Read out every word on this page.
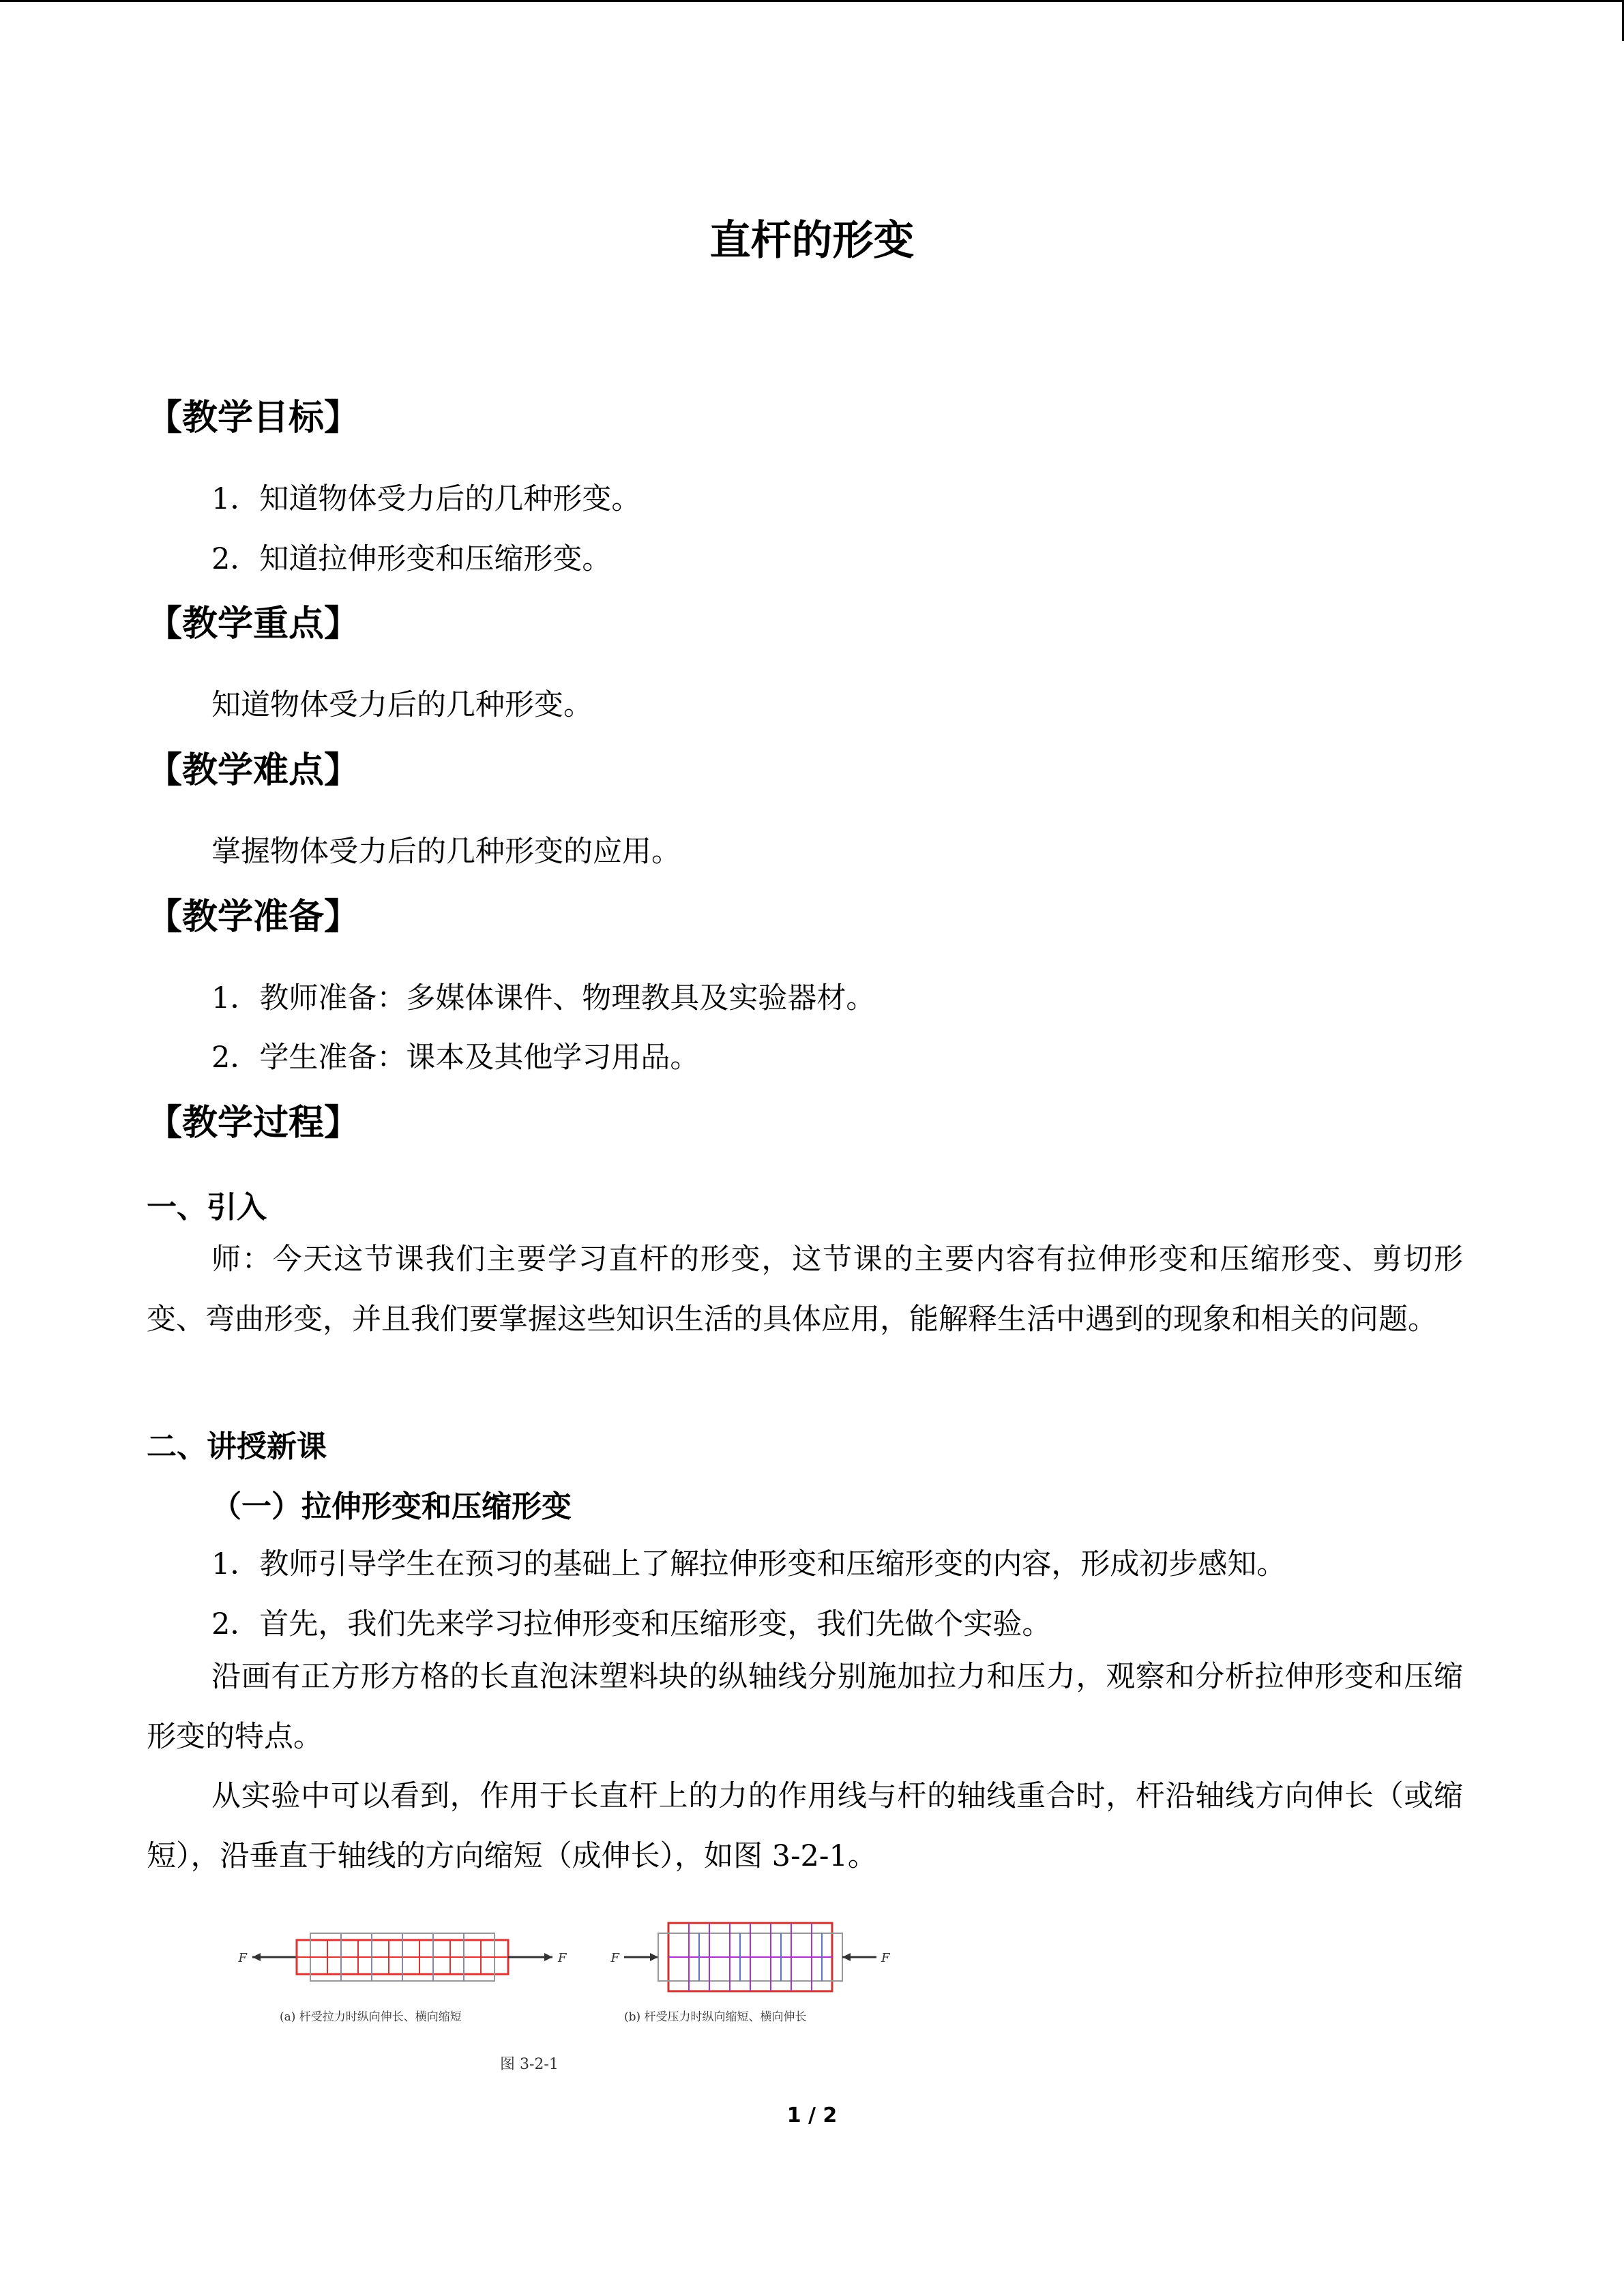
直杆的形变
【教学目标】
1．知道物体受力后的几种形变。
2．知道拉伸形变和压缩形变。
【教学重点】
知道物体受力后的几种形变。
【教学难点】
掌握物体受力后的几种形变的应用。
【教学准备】
1．教师准备：多媒体课件、物理教具及实验器材。
2．学生准备：课本及其他学习用品。
【教学过程】
一、引入
师：今天这节课我们主要学习直杆的形变，这节课的主要内容有拉伸形变和压缩形变、剪切形变、弯曲形变，并且我们要掌握这些知识生活的具体应用，能解释生活中遇到的现象和相关的问题。
二、讲授新课
（一）拉伸形变和压缩形变
1．教师引导学生在预习的基础上了解拉伸形变和压缩形变的内容，形成初步感知。
2．首先，我们先来学习拉伸形变和压缩形变，我们先做个实验。
沿画有正方形方格的长直泡沫塑料块的纵轴线分别施加拉力和压力，观察和分析拉伸形变和压缩形变的特点。
从实验中可以看到，作用于长直杆上的力的作用线与杆的轴线重合时，杆沿轴线方向伸长（或缩短），沿垂直于轴线的方向缩短（成伸长），如图 3-2-1。
F	F	F	F
(a) 杆受拉力时纵向伸长、横向缩短	(b) 杆受压力时纵向缩短、横向伸长
图 3-2-1
1 / 2
